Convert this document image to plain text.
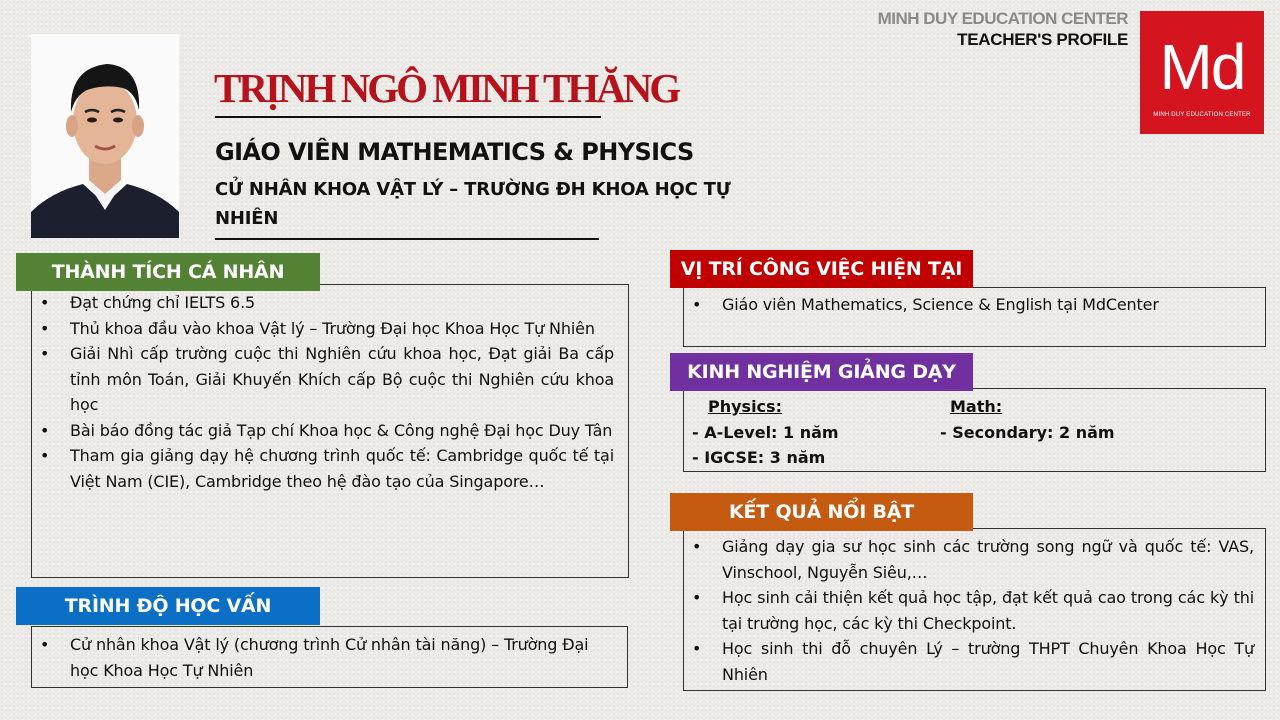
MINH DUY EDUCATION CENTER
TEACHER'S PROFILE Md
MINH DUY EDUCATION CENTER
TRỊNH NGÔ MINH THĂNG
GIÁO VIÊN MATHEMATICS & PHYSICS
CỬ NHÂN KHOA VẬT LÝ – TRƯỜNG ĐH KHOA HỌC TỰ NHIÊN
• Đạt chứng chỉ IELTS 6.5
• Thủ khoa đầu vào khoa Vật lý – Trường Đại học Khoa Học Tự Nhiên
• Giải Nhì cấp trường cuộc thi Nghiên cứu khoa học, Đạt giải Ba cấp tỉnh môn Toán, Giải Khuyến Khích cấp Bộ cuộc thi Nghiên cứu khoa học
• Bài báo đồng tác giả Tạp chí Khoa học & Công nghệ Đại học Duy Tân
• Tham gia giảng dạy hệ chương trình quốc tế: Cambridge quốc tế tại Việt Nam (CIE), Cambridge theo hệ đào tạo của Singapore…
THÀNH TÍCH CÁ NHÂN
• Cử nhân khoa Vật lý (chương trình Cử nhân tài năng) – Trường Đại học Khoa Học Tự Nhiên
TRÌNH ĐỘ HỌC VẤN
• Giáo viên Mathematics, Science & English tại MdCenter
VỊ TRÍ CÔNG VIỆC HIỆN TẠI
Physics:
- A-Level: 1 năm
- IGCSE: 3 năm
Math:
- Secondary: 2 năm
KINH NGHIỆM GIẢNG DẠY
• Giảng dạy gia sư học sinh các trường song ngữ và quốc tế: VAS, Vinschool, Nguyễn Siêu,…
• Học sinh cải thiện kết quả học tập, đạt kết quả cao trong các kỳ thi tại trường học, các kỳ thi Checkpoint.
• Học sinh thi đỗ chuyên Lý – trường THPT Chuyên Khoa Học Tự Nhiên
KẾT QUẢ NỔI BẬT
